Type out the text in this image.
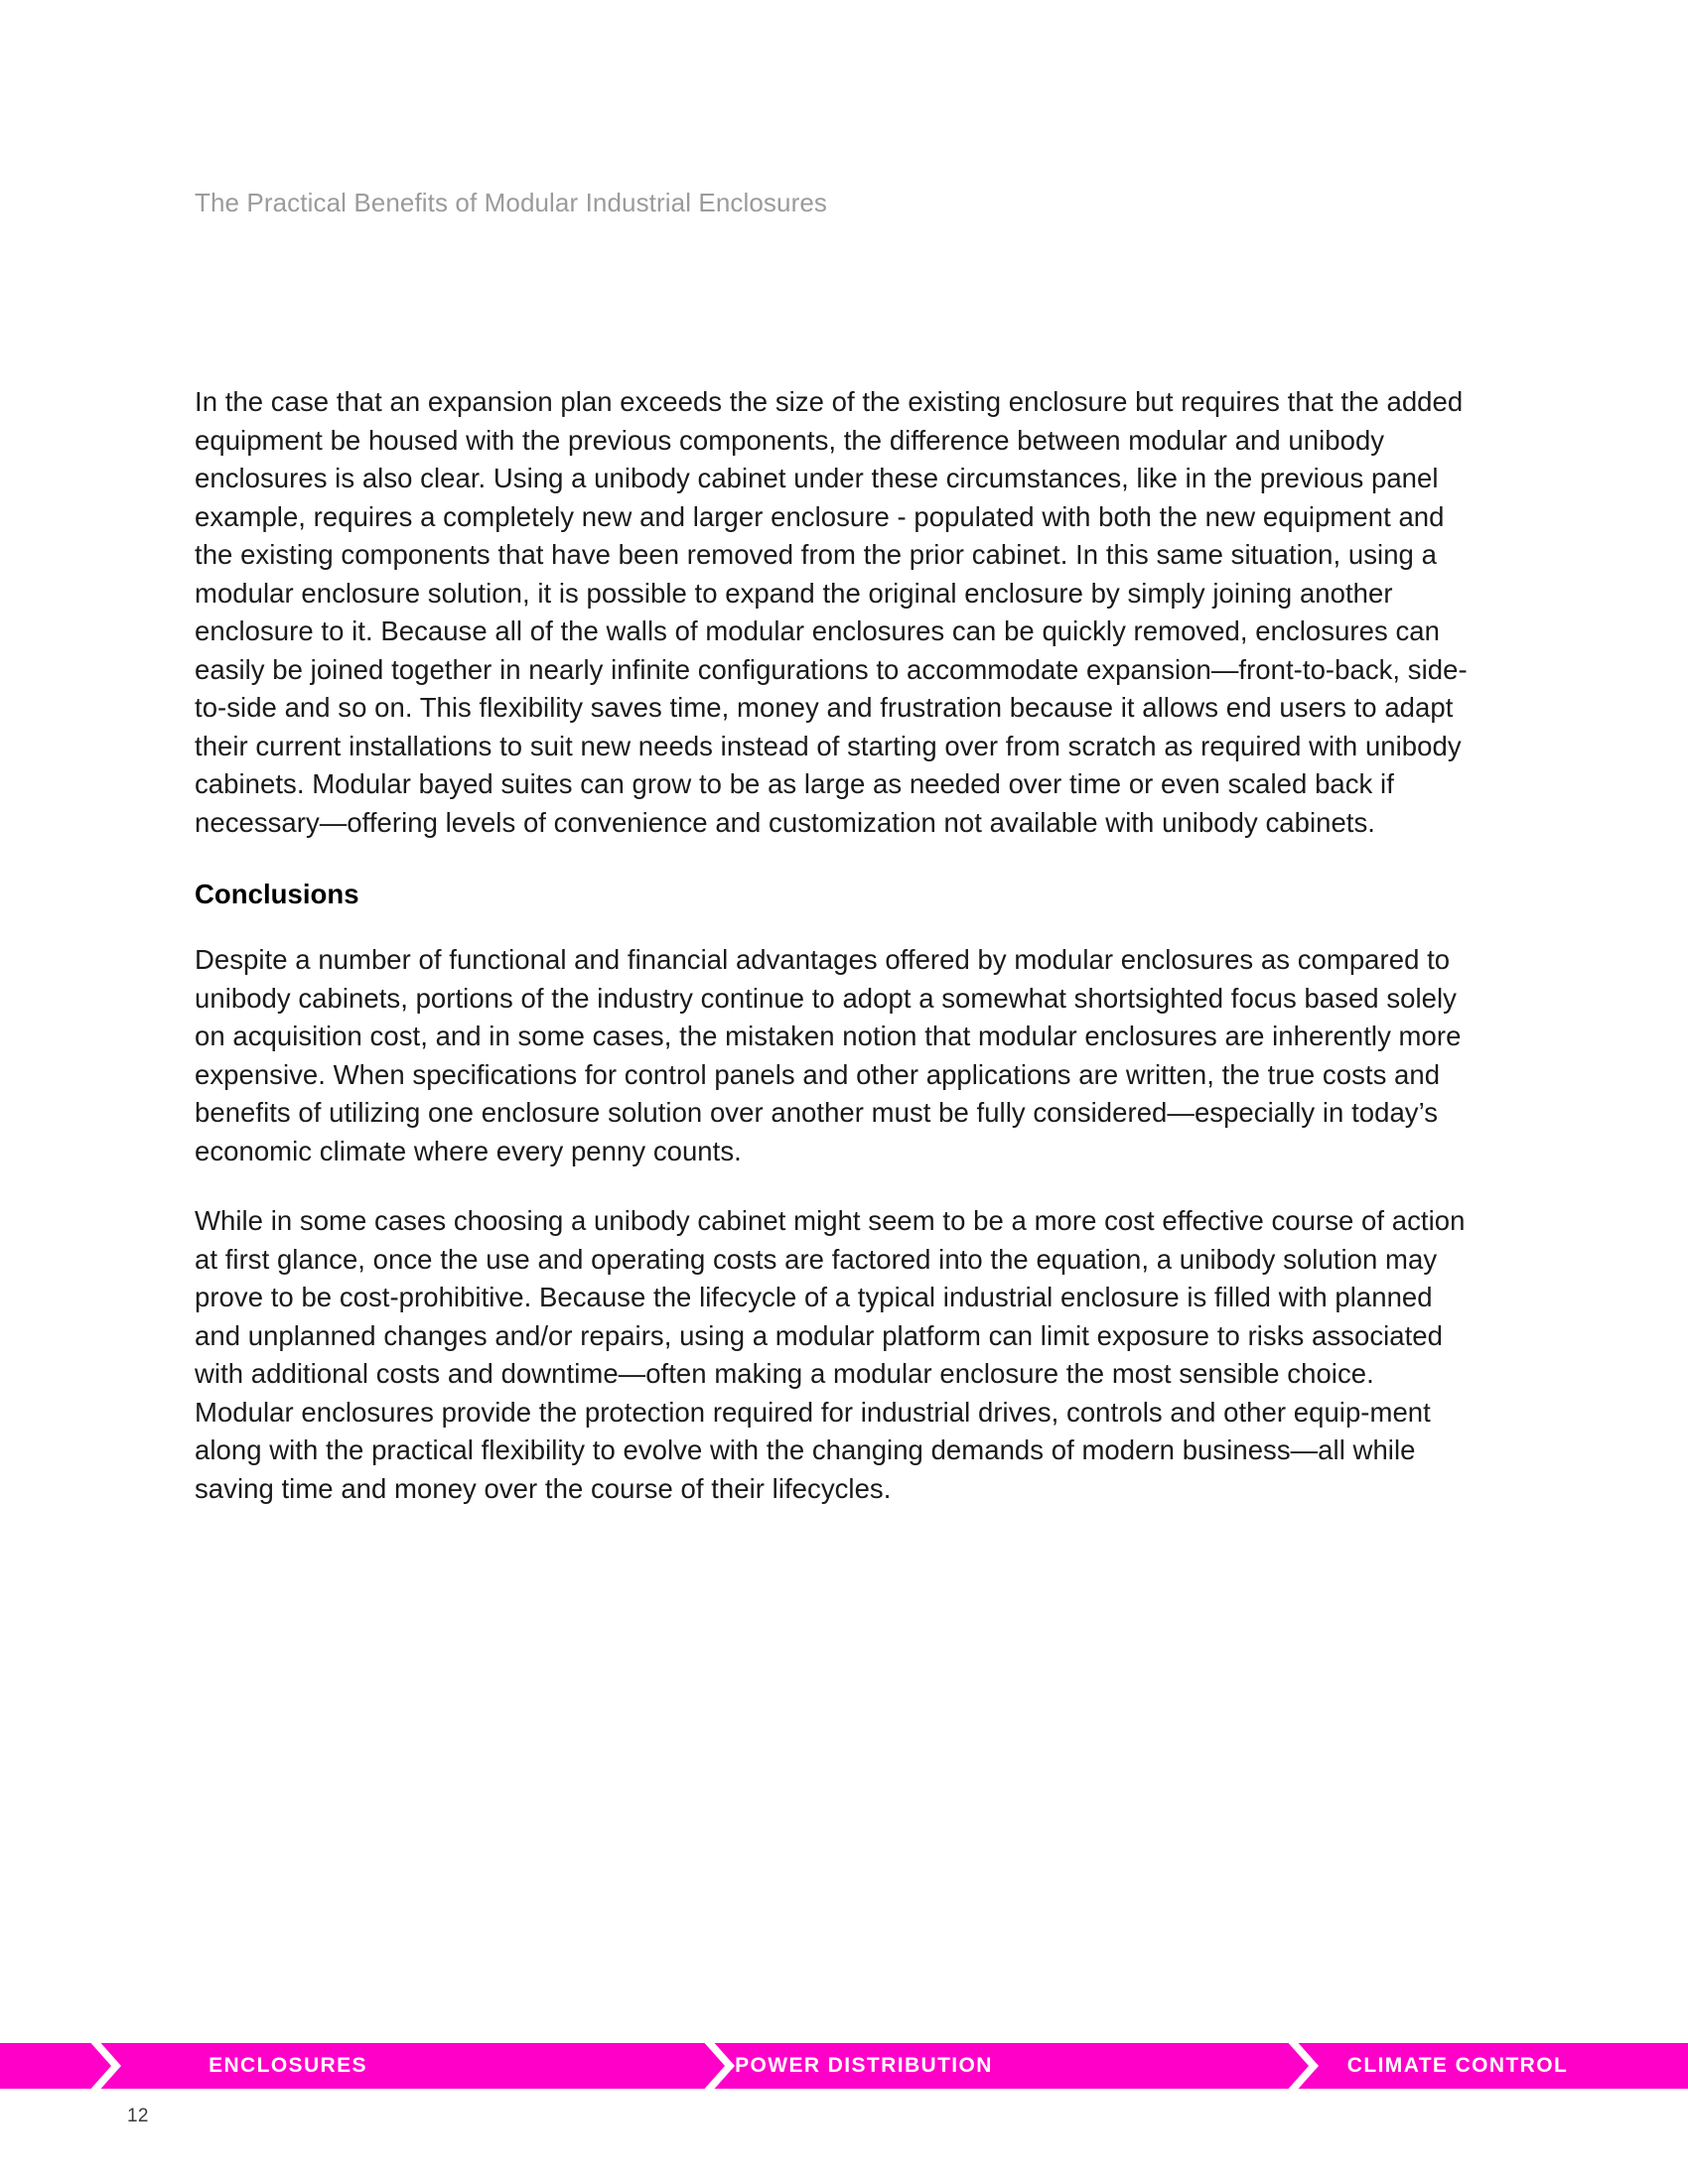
The Practical Benefits of Modular Industrial Enclosures

In the case that an expansion plan exceeds the size of the existing enclosure but requires that the added equipment be housed with the previous components, the difference between modular and unibody enclosures is also clear. Using a unibody cabinet under these circumstances, like in the previous panel example, requires a completely new and larger enclosure - populated with both the new equipment and the existing components that have been removed from the prior cabinet. In this same situation, using a modular enclosure solution, it is possible to expand the original enclosure by simply joining another enclosure to it. Because all of the walls of modular enclosures can be quickly removed, enclosures can easily be joined together in nearly infinite configurations to accommodate expansion—front-to-back, side-to-side and so on. This flexibility saves time, money and frustration because it allows end users to adapt their current installations to suit new needs instead of starting over from scratch as required with unibody cabinets. Modular bayed suites can grow to be as large as needed over time or even scaled back if necessary—offering levels of convenience and customization not available with unibody cabinets.

Conclusions

Despite a number of functional and financial advantages offered by modular enclosures as compared to unibody cabinets, portions of the industry continue to adopt a somewhat shortsighted focus based solely on acquisition cost, and in some cases, the mistaken notion that modular enclosures are inherently more expensive. When specifications for control panels and other applications are written, the true costs and benefits of utilizing one enclosure solution over another must be fully considered—especially in today’s economic climate where every penny counts.

While in some cases choosing a unibody cabinet might seem to be a more cost effective course of action at first glance, once the use and operating costs are factored into the equation, a unibody solution may prove to be cost-prohibitive. Because the lifecycle of a typical industrial enclosure is filled with planned and unplanned changes and/or repairs, using a modular platform can limit exposure to risks associated with additional costs and downtime—often making a modular enclosure the most sensible choice. Modular enclosures provide the protection required for industrial drives, controls and other equip-ment along with the practical flexibility to evolve with the changing demands of modern business—all while saving time and money over the course of their lifecycles.

ENCLOSURES	POWER DISTRIBUTION	CLIMATE CONTROL
12
